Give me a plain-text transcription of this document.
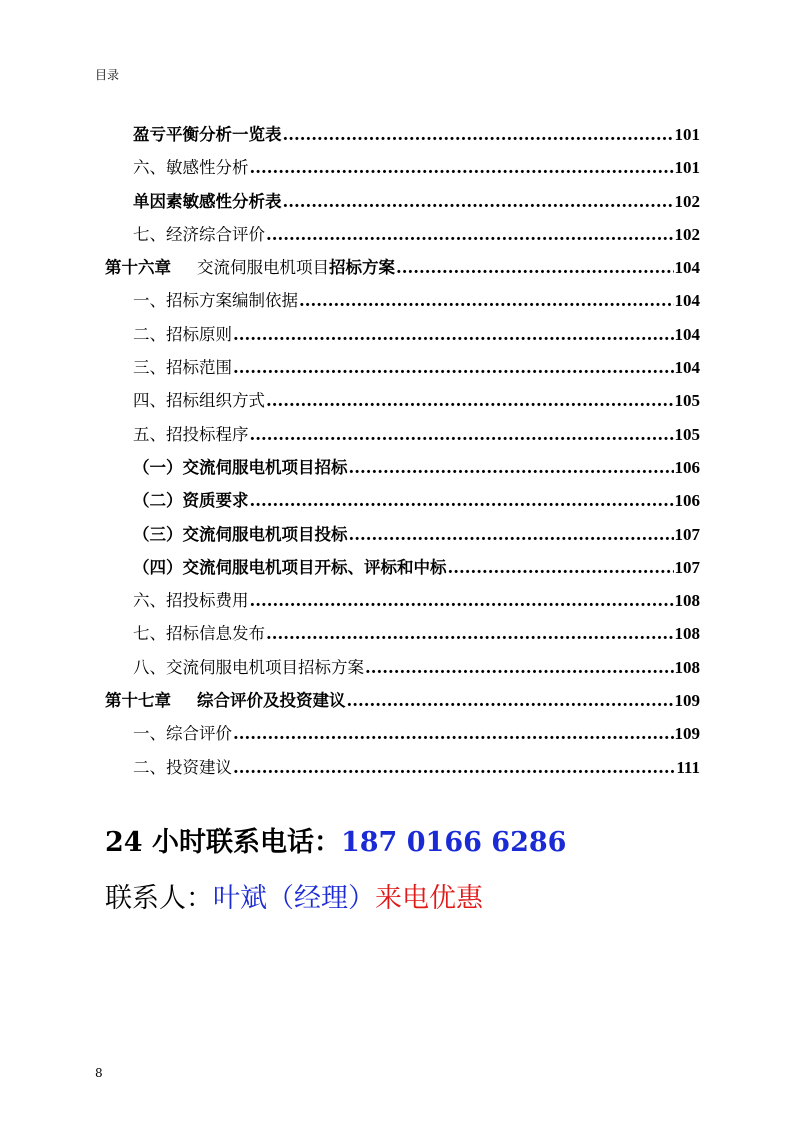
目录
盈亏平衡分析一览表 .....	101
六、敏感性分析 .....	101
单因素敏感性分析表 .....	102
七、经济综合评价 .....	102
第十六章 交流伺服电机项目招标方案 .....	104
一、招标方案编制依据 .....	104
二、招标原则 .....	104
三、招标范围 .....	104
四、招标组织方式 .....	105
五、招投标程序 .....	105
（一）交流伺服电机项目招标 .....	106
（二）资质要求 .....	106
（三）交流伺服电机项目投标 .....	107
（四）交流伺服电机项目开标、评标和中标 .....	107
六、招投标费用 .....	108
七、招标信息发布 .....	108
八、交流伺服电机项目招标方案 .....	108
第十七章 综合评价及投资建议 .....	109
一、综合评价 .....	109
二、投资建议 .....	111
24 小时联系电话：187 0166 6286
联系人：叶斌（经理）来电优惠
8
